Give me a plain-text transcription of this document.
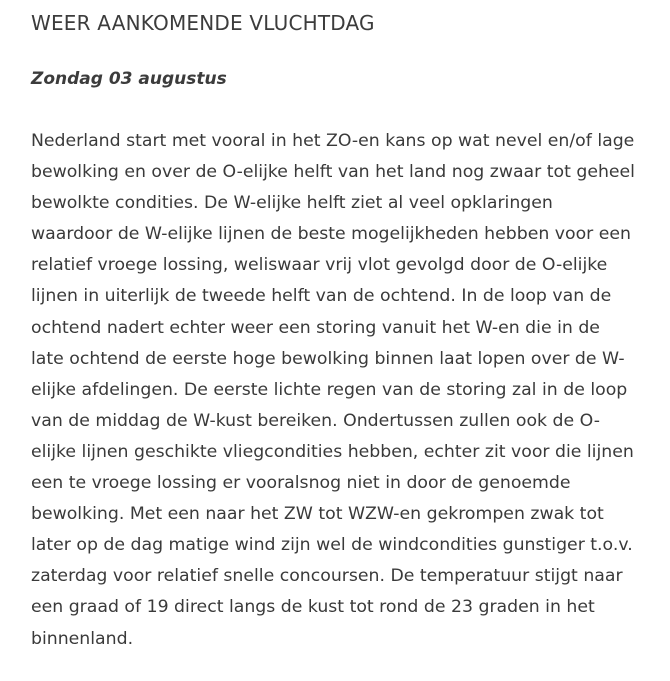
WEER AANKOMENDE VLUCHTDAG
Zondag 03 augustus
Nederland start met vooral in het ZO-en kans op wat nevel en/of lage
bewolking en over de O-elijke helft van het land nog zwaar tot geheel
bewolkte condities. De W-elijke helft ziet al veel opklaringen
waardoor de W-elijke lijnen de beste mogelijkheden hebben voor een
relatief vroege lossing, weliswaar vrij vlot gevolgd door de O-elijke
lijnen in uiterlijk de tweede helft van de ochtend. In de loop van de
ochtend nadert echter weer een storing vanuit het W-en die in de
late ochtend de eerste hoge bewolking binnen laat lopen over de W-
elijke afdelingen. De eerste lichte regen van de storing zal in de loop
van de middag de W-kust bereiken. Ondertussen zullen ook de O-
elijke lijnen geschikte vliegcondities hebben, echter zit voor die lijnen
een te vroege lossing er vooralsnog niet in door de genoemde
bewolking. Met een naar het ZW tot WZW-en gekrompen zwak tot
later op de dag matige wind zijn wel de windcondities gunstiger t.o.v.
zaterdag voor relatief snelle concoursen. De temperatuur stijgt naar
een graad of 19 direct langs de kust tot rond de 23 graden in het
binnenland.
